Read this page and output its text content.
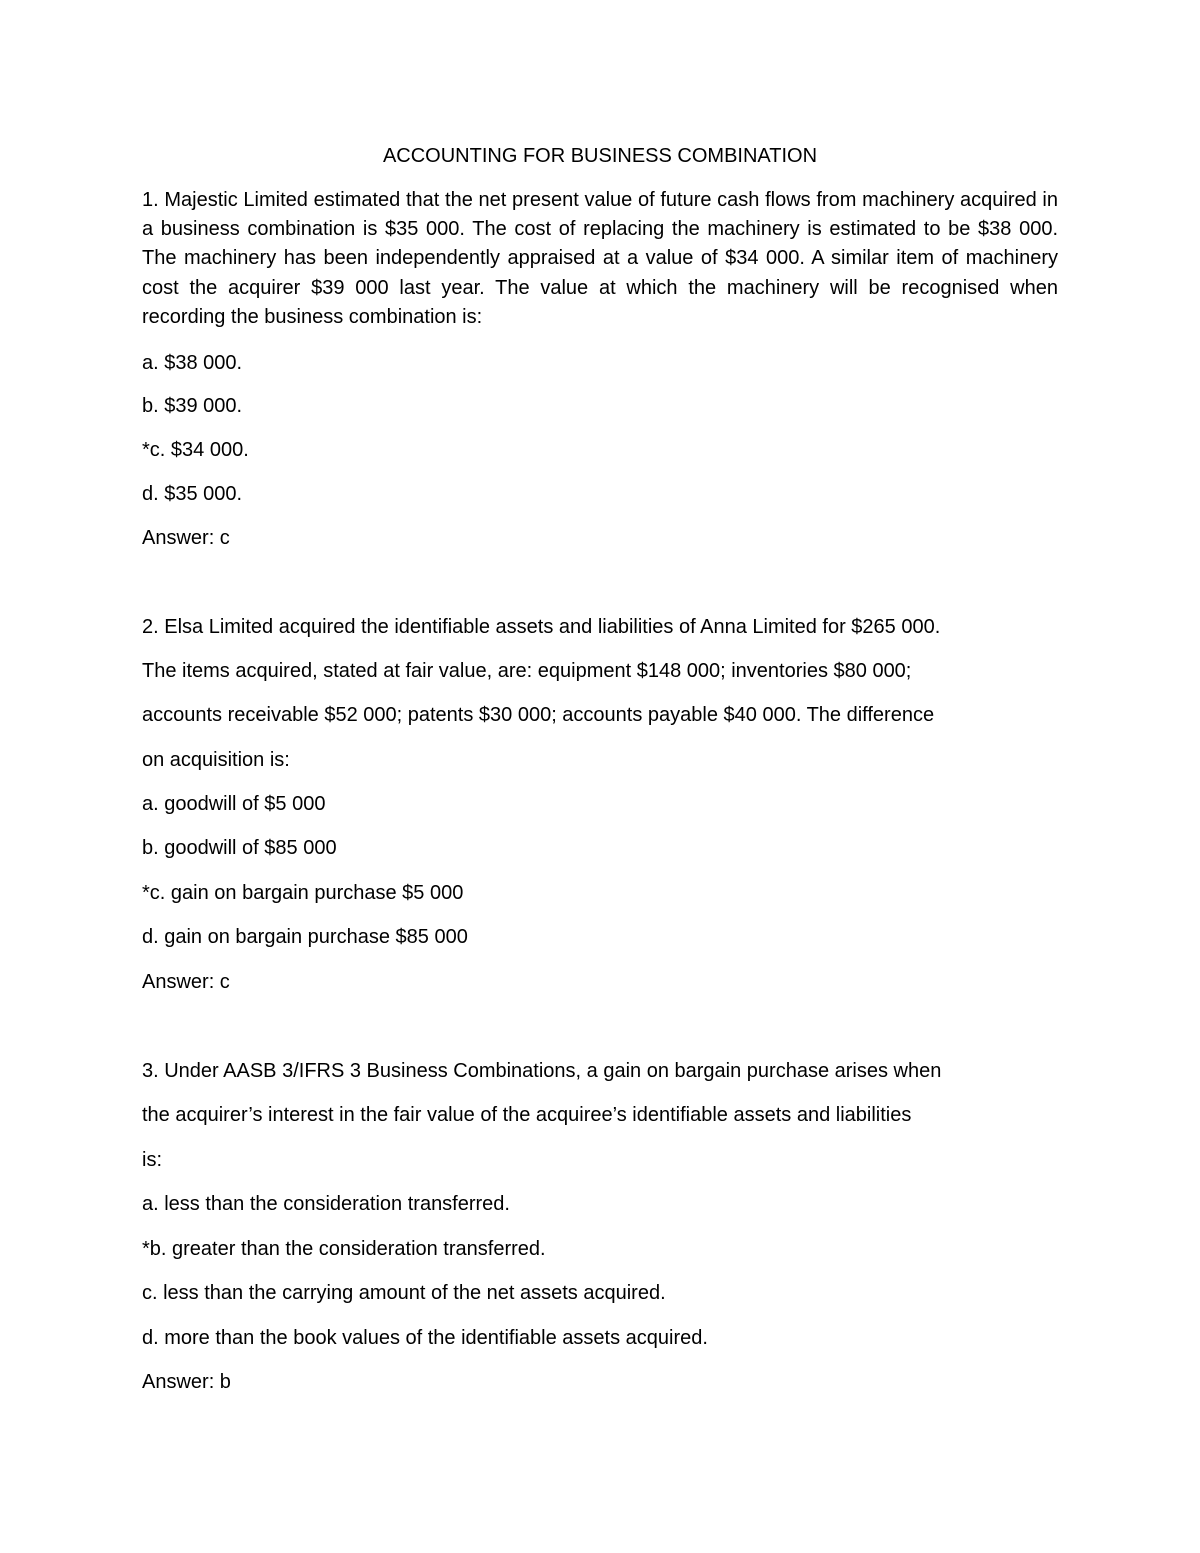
ACCOUNTING FOR BUSINESS COMBINATION

1. Majestic Limited estimated that the net present value of future cash flows from machinery acquired in a business combination is $35 000. The cost of replacing the machinery is estimated to be $38 000. The machinery has been independently appraised at a value of $34 000. A similar item of machinery cost the acquirer $39 000 last year. The value at which the machinery will be recognised when recording the business combination is:

a. $38 000.

b. $39 000.

*c. $34 000.

d. $35 000.

Answer: c

2. Elsa Limited acquired the identifiable assets and liabilities of Anna Limited for $265 000.

The items acquired, stated at fair value, are: equipment $148 000; inventories $80 000;

accounts receivable $52 000; patents $30 000; accounts payable $40 000. The difference

on acquisition is:

a. goodwill of $5 000

b. goodwill of $85 000

*c. gain on bargain purchase $5 000

d. gain on bargain purchase $85 000

Answer: c

3. Under AASB 3/IFRS 3 Business Combinations, a gain on bargain purchase arises when

the acquirer’s interest in the fair value of the acquiree’s identifiable assets and liabilities

is:

a. less than the consideration transferred.

*b. greater than the consideration transferred.

c. less than the carrying amount of the net assets acquired.

d. more than the book values of the identifiable assets acquired.

Answer: b
